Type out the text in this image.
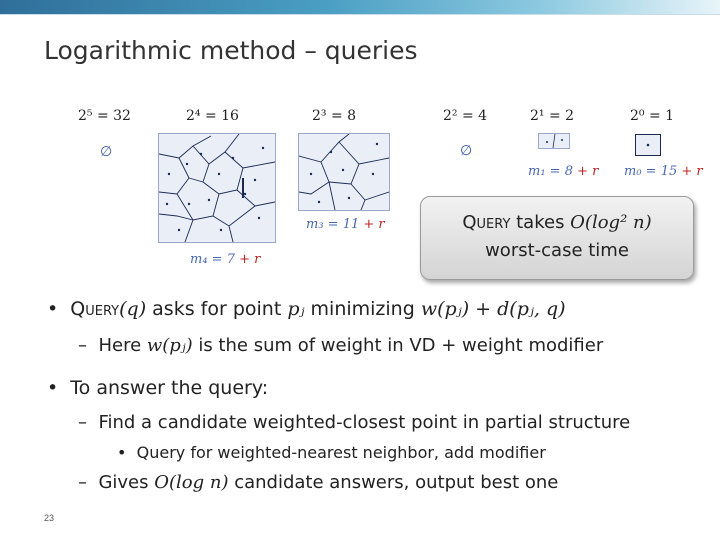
Logarithmic method – queries
2⁵ = 32	2⁴ = 16	2³ = 8	2² = 4	2¹ = 2	2⁰ = 1
∅	∅
m₄ = 7 + r
m₃ = 11 + r
m₁ = 8 + r m₀ = 15 + r
Query takes O(log² n)
worst-case time
•  Query(q) asks for point pⱼ minimizing w(pⱼ) + d(pⱼ, q)
–  Here w(pⱼ) is the sum of weight in VD + weight modifier
•  To answer the query:
–  Find a candidate weighted-closest point in partial structure
•  Query for weighted-nearest neighbor, add modifier
–  Gives O(log n) candidate answers, output best one
23
